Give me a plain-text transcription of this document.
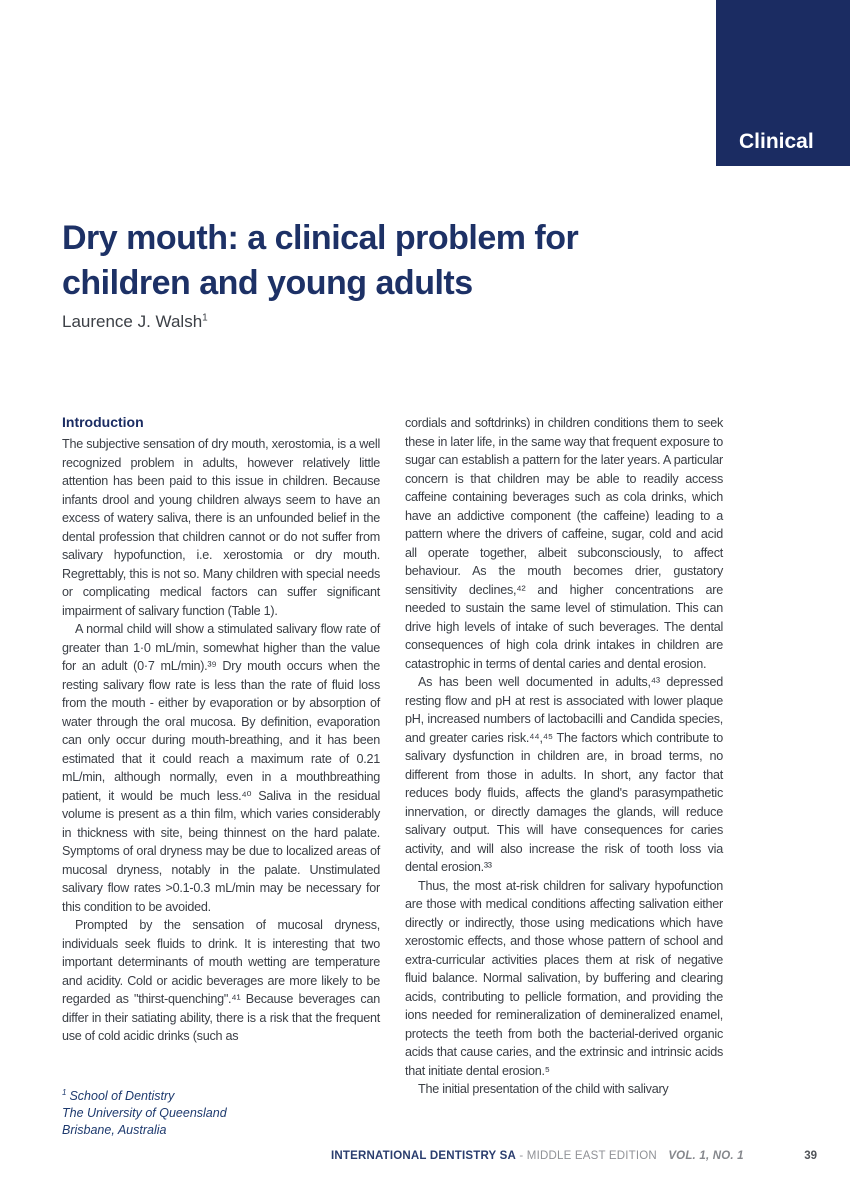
Clinical
Dry mouth: a clinical problem for
children and young adults
Laurence J. Walsh$^1$
Introduction

The subjective sensation of dry mouth, xerostomia, is a well recognized problem in adults, however relatively little attention has been paid to this issue in children. Because infants drool and young children always seem to have an excess of watery saliva, there is an unfounded belief in the dental profession that children cannot or do not suffer from salivary hypofunction, i.e. xerostomia or dry mouth. Regrettably, this is not so. Many children with special needs or complicating medical factors can suffer significant impairment of salivary function (Table 1).

A normal child will show a stimulated salivary flow rate of greater than 1·0 mL/min, somewhat higher than the value for an adult (0·7 mL/min).³⁹ Dry mouth occurs when the resting salivary flow rate is less than the rate of fluid loss from the mouth - either by evaporation or by absorption of water through the oral mucosa. By definition, evaporation can only occur during mouth-breathing, and it has been estimated that it could reach a maximum rate of 0.21 mL/min, although normally, even in a mouthbreathing patient, it would be much less.⁴⁰ Saliva in the residual volume is present as a thin film, which varies considerably in thickness with site, being thinnest on the hard palate. Symptoms of oral dryness may be due to localized areas of mucosal dryness, notably in the palate. Unstimulated salivary flow rates >0.1-0.3 mL/min may be necessary for this condition to be avoided.

Prompted by the sensation of mucosal dryness, individuals seek fluids to drink. It is interesting that two important determinants of mouth wetting are temperature and acidity. Cold or acidic beverages are more likely to be regarded as "thirst-quenching".⁴¹ Because beverages can differ in their satiating ability, there is a risk that the frequent use of cold acidic drinks (such as

cordials and softdrinks) in children conditions them to seek these in later life, in the same way that frequent exposure to sugar can establish a pattern for the later years. A particular concern is that children may be able to readily access caffeine containing beverages such as cola drinks, which have an addictive component (the caffeine) leading to a pattern where the drivers of caffeine, sugar, cold and acid all operate together, albeit subconsciously, to affect behaviour. As the mouth becomes drier, gustatory sensitivity declines,⁴² and higher concentrations are needed to sustain the same level of stimulation. This can drive high levels of intake of such beverages. The dental consequences of high cola drink intakes in children are catastrophic in terms of dental caries and dental erosion.

As has been well documented in adults,⁴³ depressed resting flow and pH at rest is associated with lower plaque pH, increased numbers of lactobacilli and Candida species, and greater caries risk.⁴⁴,⁴⁵ The factors which contribute to salivary dysfunction in children are, in broad terms, no different from those in adults. In short, any factor that reduces body fluids, affects the gland's parasympathetic innervation, or directly damages the glands, will reduce salivary output. This will have consequences for caries activity, and will also increase the risk of tooth loss via dental erosion.³³

Thus, the most at-risk children for salivary hypofunction are those with medical conditions affecting salivation either directly or indirectly, those using medications which have xerostomic effects, and those whose pattern of school and extra-curricular activities places them at risk of negative fluid balance. Normal salivation, by buffering and clearing acids, contributing to pellicle formation, and providing the ions needed for remineralization of demineralized enamel, protects the teeth from both the bacterial-derived organic acids that cause caries, and the extrinsic and intrinsic acids that initiate dental erosion.⁵

The initial presentation of the child with salivary

$^1$ School of Dentistry
The University of Queensland
Brisbane, Australia
INTERNATIONAL DENTISTRY SA - MIDDLE EAST EDITION VOL. 1, NO. 1	39
